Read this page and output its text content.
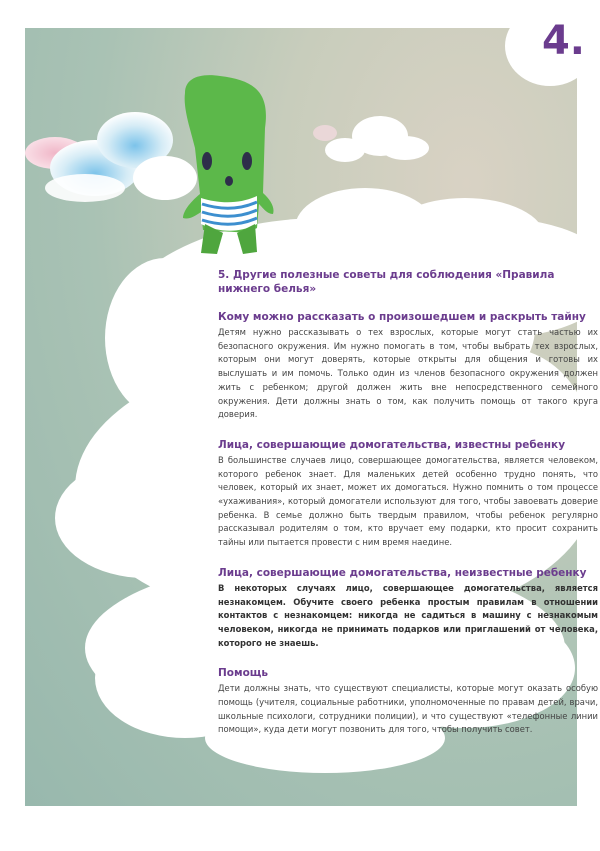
4.
5. Другие полезные советы для соблюдения «Правила нижнего белья»
Кому можно рассказать о произошедшем и раскрыть тайну
Детям нужно рассказывать о тех взрослых, которые могут стать частью их безопасного окружения. Им нужно помогать в том, чтобы выбрать тех взрослых, которым они могут доверять, которые открыты для общения и готовы их выслушать и им помочь. Только один из членов безопасного окружения должен жить с ребенком; другой должен жить вне непосредственного семейного окружения. Дети должны знать о том, как получить помощь от такого круга доверия.
Лица, совершающие домогательства, известны ребенку
В большинстве случаев лицо, совершающее домогательства, является человеком, которого ребенок знает. Для маленьких детей особенно трудно понять, что человек, который их знает, может их домогаться. Нужно помнить о том процессе «ухаживания», который домогатели используют для того, чтобы завоевать доверие ребенка. В семье должно быть твердым правилом, чтобы ребенок регулярно рассказывал родителям о том, кто вручает ему подарки, кто просит сохранить тайны или пытается провести с ним время наедине.
Лица, совершающие домогательства, неизвестные ребенку
В некоторых случаях лицо, совершающее домогательства, является незнакомцем. Обучите своего ребенка простым правилам в отношении контактов с незнакомцем: никогда не садиться в машину с незнакомым человеком, никогда не принимать подарков или приглашений от человека, которого не знаешь.
Помощь
Дети должны знать, что существуют специалисты, которые могут оказать особую помощь (учителя, социальные работники, уполномоченные по правам детей, врачи, школьные психологи, сотрудники полиции), и что существуют «телефонные линии помощи», куда дети могут позвонить для того, чтобы получить совет.
